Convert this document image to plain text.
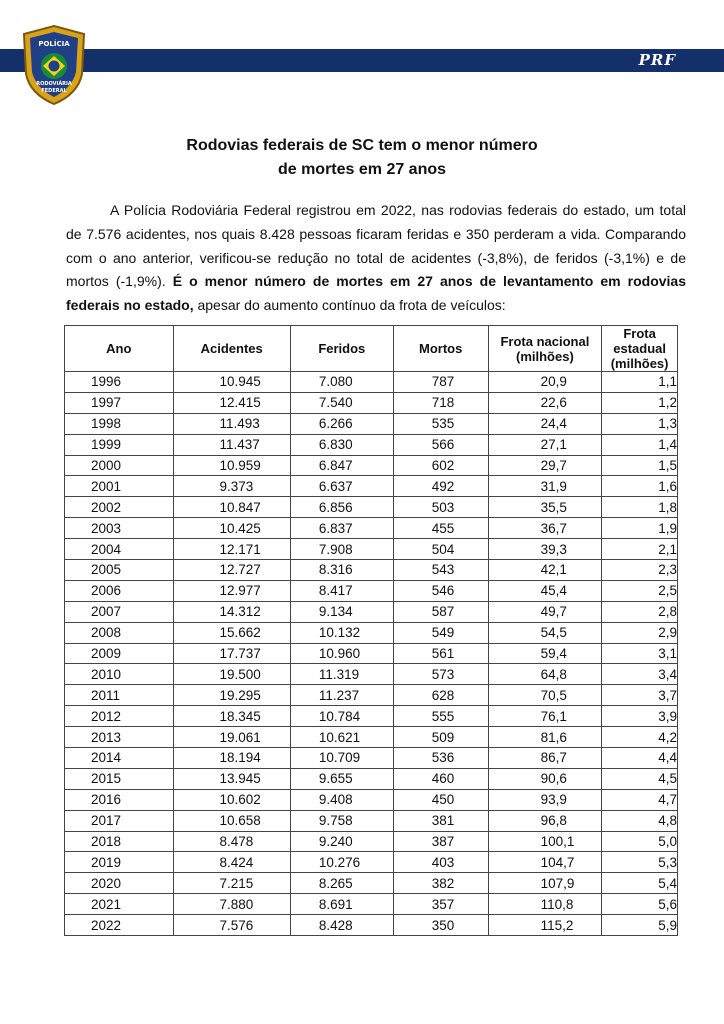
PRF
POLÍCIA
RODOVIÁRIA
FEDERAL
Rodovias federais de SC tem o menor número
de mortes em 27 anos

A Polícia Rodoviária Federal registrou em 2022, nas rodovias federais do estado, um total de 7.576 acidentes, nos quais 8.428 pessoas ficaram feridas e 350 perderam a vida. Comparando com o ano anterior, verificou-se redução no total de acidentes (-3,8%), de feridos (-3,1%) e de mortos (-1,9%). É o menor número de mortes em 27 anos de levantamento em rodovias federais no estado, apesar do aumento contínuo da frota de veículos:

Ano	Acidentes	Feridos	Mortos	Frota nacional (milhões)	Frota estadual (milhões)
1996	10.945	7.080	787	20,9	1,1
1997	12.415	7.540	718	22,6	1,2
1998	11.493	6.266	535	24,4	1,3
1999	11.437	6.830	566	27,1	1,4
2000	10.959	6.847	602	29,7	1,5
2001	9.373	6.637	492	31,9	1,6
2002	10.847	6.856	503	35,5	1,8
2003	10.425	6.837	455	36,7	1,9
2004	12.171	7.908	504	39,3	2,1
2005	12.727	8.316	543	42,1	2,3
2006	12.977	8.417	546	45,4	2,5
2007	14.312	9.134	587	49,7	2,8
2008	15.662	10.132	549	54,5	2,9
2009	17.737	10.960	561	59,4	3,1
2010	19.500	11.319	573	64,8	3,4
2011	19.295	11.237	628	70,5	3,7
2012	18.345	10.784	555	76,1	3,9
2013	19.061	10.621	509	81,6	4,2
2014	18.194	10.709	536	86,7	4,4
2015	13.945	9.655	460	90,6	4,5
2016	10.602	9.408	450	93,9	4,7
2017	10.658	9.758	381	96,8	4,8
2018	8.478	9.240	387	100,1	5,0
2019	8.424	10.276	403	104,7	5,3
2020	7.215	8.265	382	107,9	5,4
2021	7.880	8.691	357	110,8	5,6
2022	7.576	8.428	350	115,2	5,9
